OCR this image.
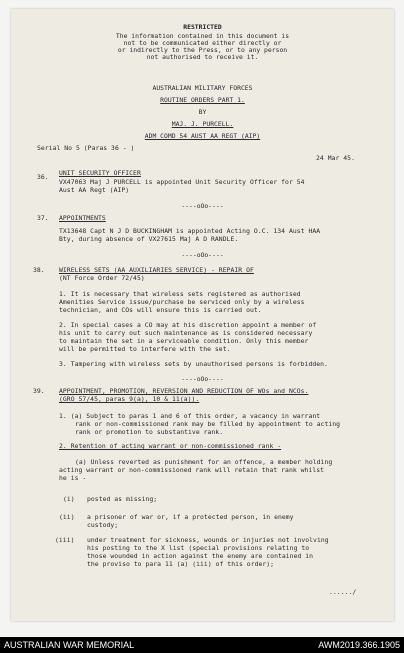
RESTRICTED
The information contained in this document is
not to be communicated either directly or
or indirectly to the Press, or to any person
not authorised to receive it.
AUSTRALIAN MILITARY FORCES
ROUTINE ORDERS PART 1.
BY
MAJ. J. PURCELL.
ADM COMD 54 AUST AA REGT (AIP)
Serial No 5 (Paras 36 - )
24 Mar 45.
36. UNIT SECURITY OFFICER
VX47063 Maj J PURCELL is appointed Unit Security Officer for 54
Aust AA Regt (AIP)
----oOo----
37. APPOINTMENTS
TX13648 Capt N J D BUCKINGHAM is appointed Acting O.C. 134 Aust HAA
Bty, during absence of VX27615 Maj A D RANDLE.
----oOo----
38. WIRELESS SETS (AA AUXILIARIES SERVICE) - REPAIR OF
(NT Force Order 72/45)
1. It is necessary that wireless sets registered as authorised
Amenities Service issue/purchase be serviced only by a wireless
technician, and COs will ensure this is carried out.
2. In special cases a CO may at his discretion appoint a member of
his unit to carry out such maintenance as is considered necessary
to maintain the set in a serviceable condition. Only this member
will be permitted to interfere with the set.
3. Tampering with wireless sets by unauthorised persons is forbidden.
----oOo----
39. APPOINTMENT, PROMOTION, REVERSION AND REDUCTION OF WOs and NCOs.
(GRO 57/45, paras 9(a), 10 & 11(a)).
1. (a) Subject to paras 1 and 6 of this order, a vacancy in warrant
rank or non-commissioned rank may be filled by appointment to acting
rank or promotion to substantive rank.
2. Retention of acting warrant or non-commissioned rank -
(a) Unless reverted as punishment for an offence, a member holding
acting warrant or non-commissioned rank will retain that rank whilst
he is -
(i) posted as missing;
(ii) a prisoner of war or, if a protected person, in enemy
custody;
(iii) under treatment for sickness, wounds or injuries not involving
his posting to the X list (special provisions relating to
those wounded in action against the enemy are contained in
the proviso to para 11 (a) (iii) of this order);
....../
AUSTRALIAN WAR MEMORIAL	AWM2019.366.1905
